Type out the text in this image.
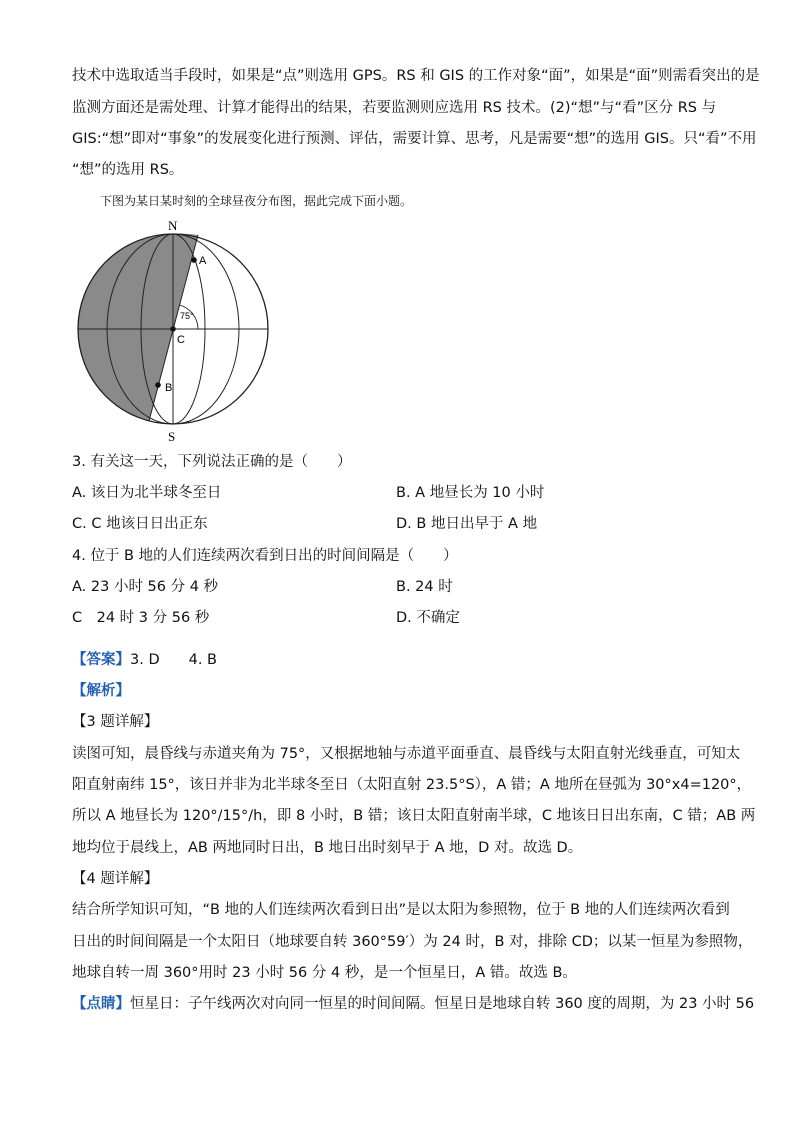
技术中选取适当手段时，如果是“点”则选用 GPS。RS 和 GIS 的工作对象“面”，如果是“面”则需看突出的是
监测方面还是需处理、计算才能得出的结果，若要监测则应选用 RS 技术。(2)“想”与“看”区分 RS 与
GIS:“想”即对“事象”的发展变化进行预测、评估，需要计算、思考，凡是需要“想”的选用 GIS。只“看”不用
“想”的选用 RS。
下图为某日某时刻的全球昼夜分布图，据此完成下面小题。
N
S
A
B
C
75°
3. 有关这一天，下列说法正确的是（　　）
A. 该日为北半球冬至日	B. A 地昼长为 10 小时
C. C 地该日日出正东	D. B 地日出早于 A 地
4. 位于 B 地的人们连续两次看到日出的时间间隔是（　　）
A. 23 小时 56 分 4 秒	B. 24 时
C　24 时 3 分 56 秒	D. 不确定
【答案】3. D　　4. B
【解析】
【3 题详解】
读图可知，晨昏线与赤道夹角为 75°，又根据地轴与赤道平面垂直、晨昏线与太阳直射光线垂直，可知太
阳直射南纬 15°，该日并非为北半球冬至日（太阳直射 23.5°S），A 错；A 地所在昼弧为 30°x4=120°，
所以 A 地昼长为 120°/15°/h，即 8 小时，B 错；该日太阳直射南半球，C 地该日日出东南，C 错；AB 两
地均位于晨线上，AB 两地同时日出，B 地日出时刻早于 A 地，D 对。故选 D。
【4 题详解】
结合所学知识可知，“B 地的人们连续两次看到日出”是以太阳为参照物，位于 B 地的人们连续两次看到
日出的时间间隔是一个太阳日（地球要自转 360°59′）为 24 时，B 对，排除 CD；以某一恒星为参照物，
地球自转一周 360°用时 23 小时 56 分 4 秒，是一个恒星日，A 错。故选 B。
【点睛】恒星日：子午线两次对向同一恒星的时间间隔。恒星日是地球自转 360 度的周期，为 23 小时 56
